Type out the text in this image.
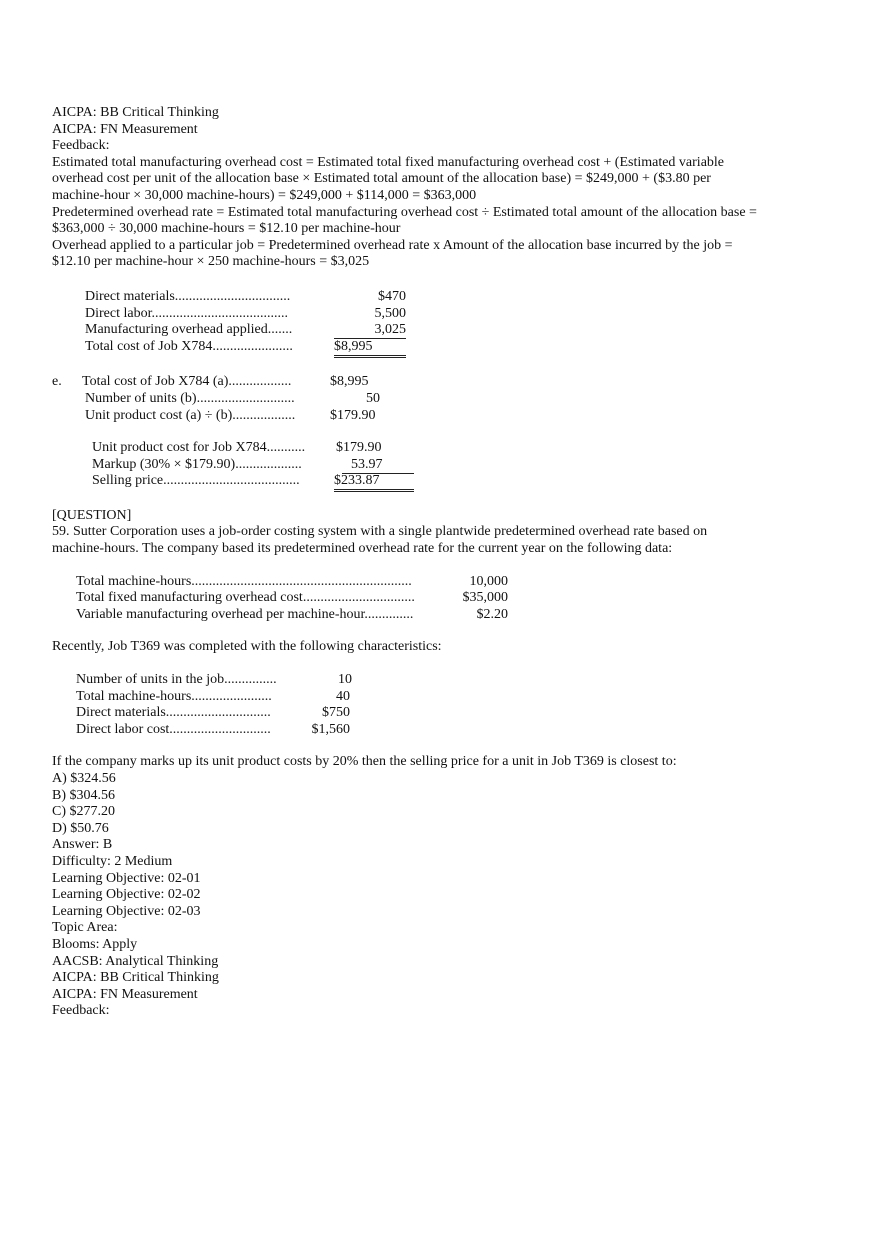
AICPA: BB Critical Thinking
AICPA: FN Measurement
Feedback:
Estimated total manufacturing overhead cost = Estimated total fixed manufacturing overhead cost + (Estimated variable overhead cost per unit of the allocation base × Estimated total amount of the allocation base) = $249,000 + ($3.80 per machine-hour × 30,000 machine-hours) = $249,000 + $114,000 = $363,000
Predetermined overhead rate = Estimated total manufacturing overhead cost ÷ Estimated total amount of the allocation base = $363,000 ÷ 30,000 machine-hours = $12.10 per machine-hour
Overhead applied to a particular job = Predetermined overhead rate x Amount of the allocation base incurred by the job = $12.10 per machine-hour × 250 machine-hours = $3,025
Direct materials.................................	$470
Direct labor.......................................	5,500
Manufacturing overhead applied.......	3,025
Total cost of Job X784.......................	$8,995
e. Total cost of Job X784 (a)..................	$8,995
Number of units (b)............................	50
Unit product cost (a) ÷ (b).................. $179.90
Unit product cost for Job X784........... $179.90
Markup (30% × $179.90)...................	53.97
Selling price....................................... $233.87
[QUESTION]
59. Sutter Corporation uses a job-order costing system with a single plantwide predetermined overhead rate based on machine-hours. The company based its predetermined overhead rate for the current year on the following data:
Total machine-hours...............................................................	10,000
Total fixed manufacturing overhead cost................................	$35,000
Variable manufacturing overhead per machine-hour..............	$2.20
Recently, Job T369 was completed with the following characteristics:
Number of units in the job...............	10
Total machine-hours.......................	40
Direct materials..............................	$750
Direct labor cost.............................	$1,560
If the company marks up its unit product costs by 20% then the selling price for a unit in Job T369 is closest to:
A) $324.56
B) $304.56
C) $277.20
D) $50.76
Answer: B
Difficulty: 2 Medium
Learning Objective: 02-01
Learning Objective: 02-02
Learning Objective: 02-03
Topic Area:
Blooms: Apply
AACSB: Analytical Thinking
AICPA: BB Critical Thinking
AICPA: FN Measurement
Feedback:
